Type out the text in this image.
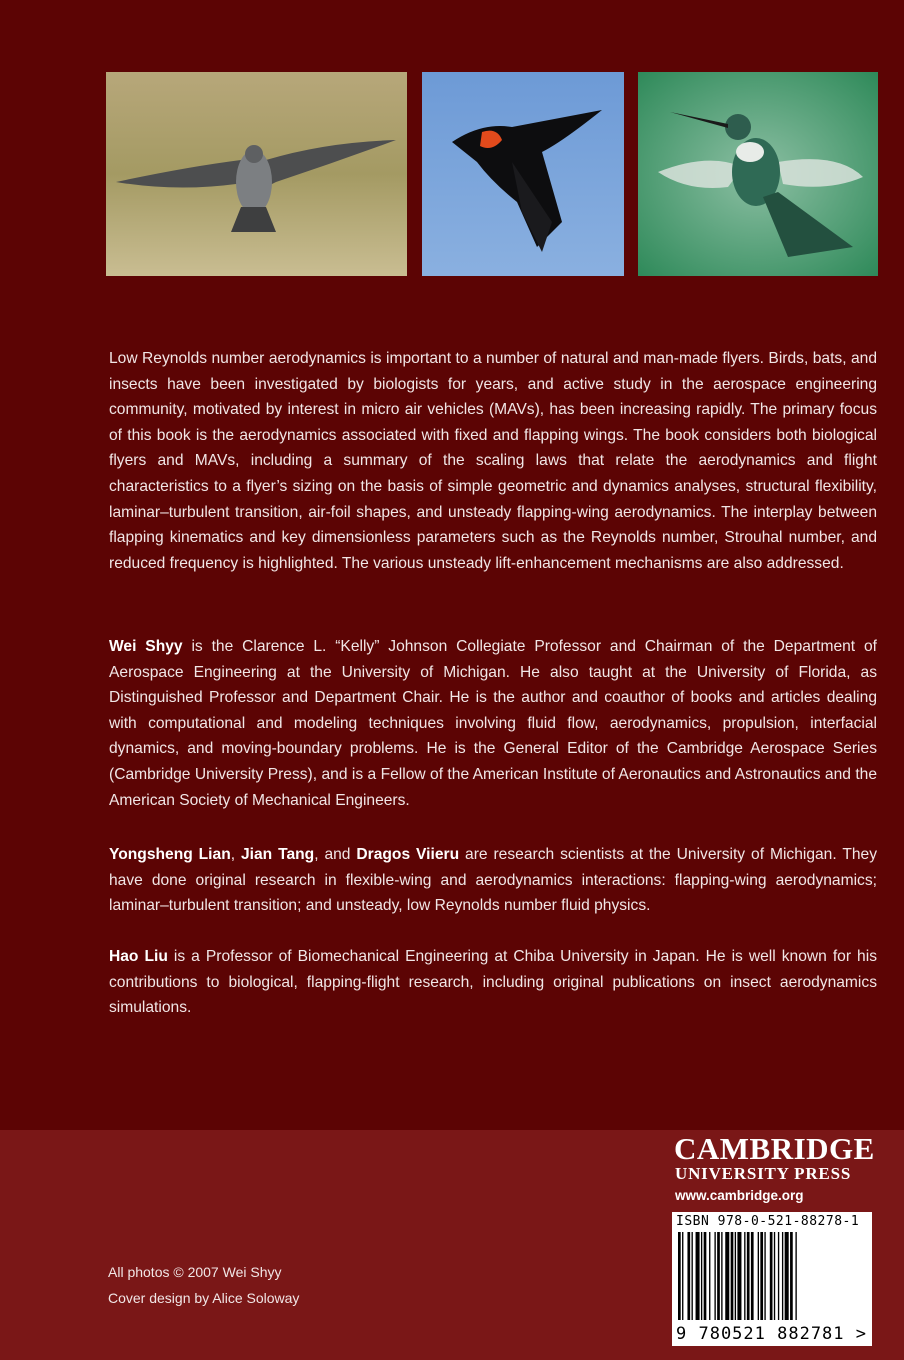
Low Reynolds number aerodynamics is important to a number of natural and man-made flyers. Birds, bats, and insects have been investigated by biologists for years, and active study in the aerospace engineering community, motivated by interest in micro air vehicles (MAVs), has been increasing rapidly. The primary focus of this book is the aerodynamics associated with fixed and flapping wings. The book considers both biological flyers and MAVs, including a summary of the scaling laws that relate the aerodynamics and flight characteristics to a flyer’s sizing on the basis of simple geometric and dynamics analyses, structural flexibility, laminar–turbulent transition, air-foil shapes, and unsteady flapping-wing aerodynamics. The interplay between flapping kinematics and key dimensionless parameters such as the Reynolds number, Strouhal number, and reduced frequency is highlighted. The various unsteady lift-enhancement mechanisms are also addressed.

Wei Shyy is the Clarence L. “Kelly” Johnson Collegiate Professor and Chairman of the Department of Aerospace Engineering at the University of Michigan. He also taught at the University of Florida, as Distinguished Professor and Department Chair. He is the author and coauthor of books and articles dealing with computational and modeling techniques involving fluid flow, aerodynamics, propulsion, interfacial dynamics, and moving-boundary problems. He is the General Editor of the Cambridge Aerospace Series (Cambridge University Press), and is a Fellow of the American Institute of Aeronautics and Astronautics and the American Society of Mechanical Engineers.

Yongsheng Lian, Jian Tang, and Dragos Viieru are research scientists at the University of Michigan. They have done original research in flexible-wing and aerodynamics interactions: flapping-wing aerodynamics; laminar–turbulent transition; and unsteady, low Reynolds number fluid physics.

Hao Liu is a Professor of Biomechanical Engineering at Chiba University in Japan. He is well known for his contributions to biological, flapping-flight research, including original publications on insect aerodynamics simulations.

CAMBRIDGE
UNIVERSITY PRESS
www.cambridge.org
ISBN 978-0-521-88278-1
9 780521 882781 >
All photos © 2007 Wei Shyy
Cover design by Alice Soloway
